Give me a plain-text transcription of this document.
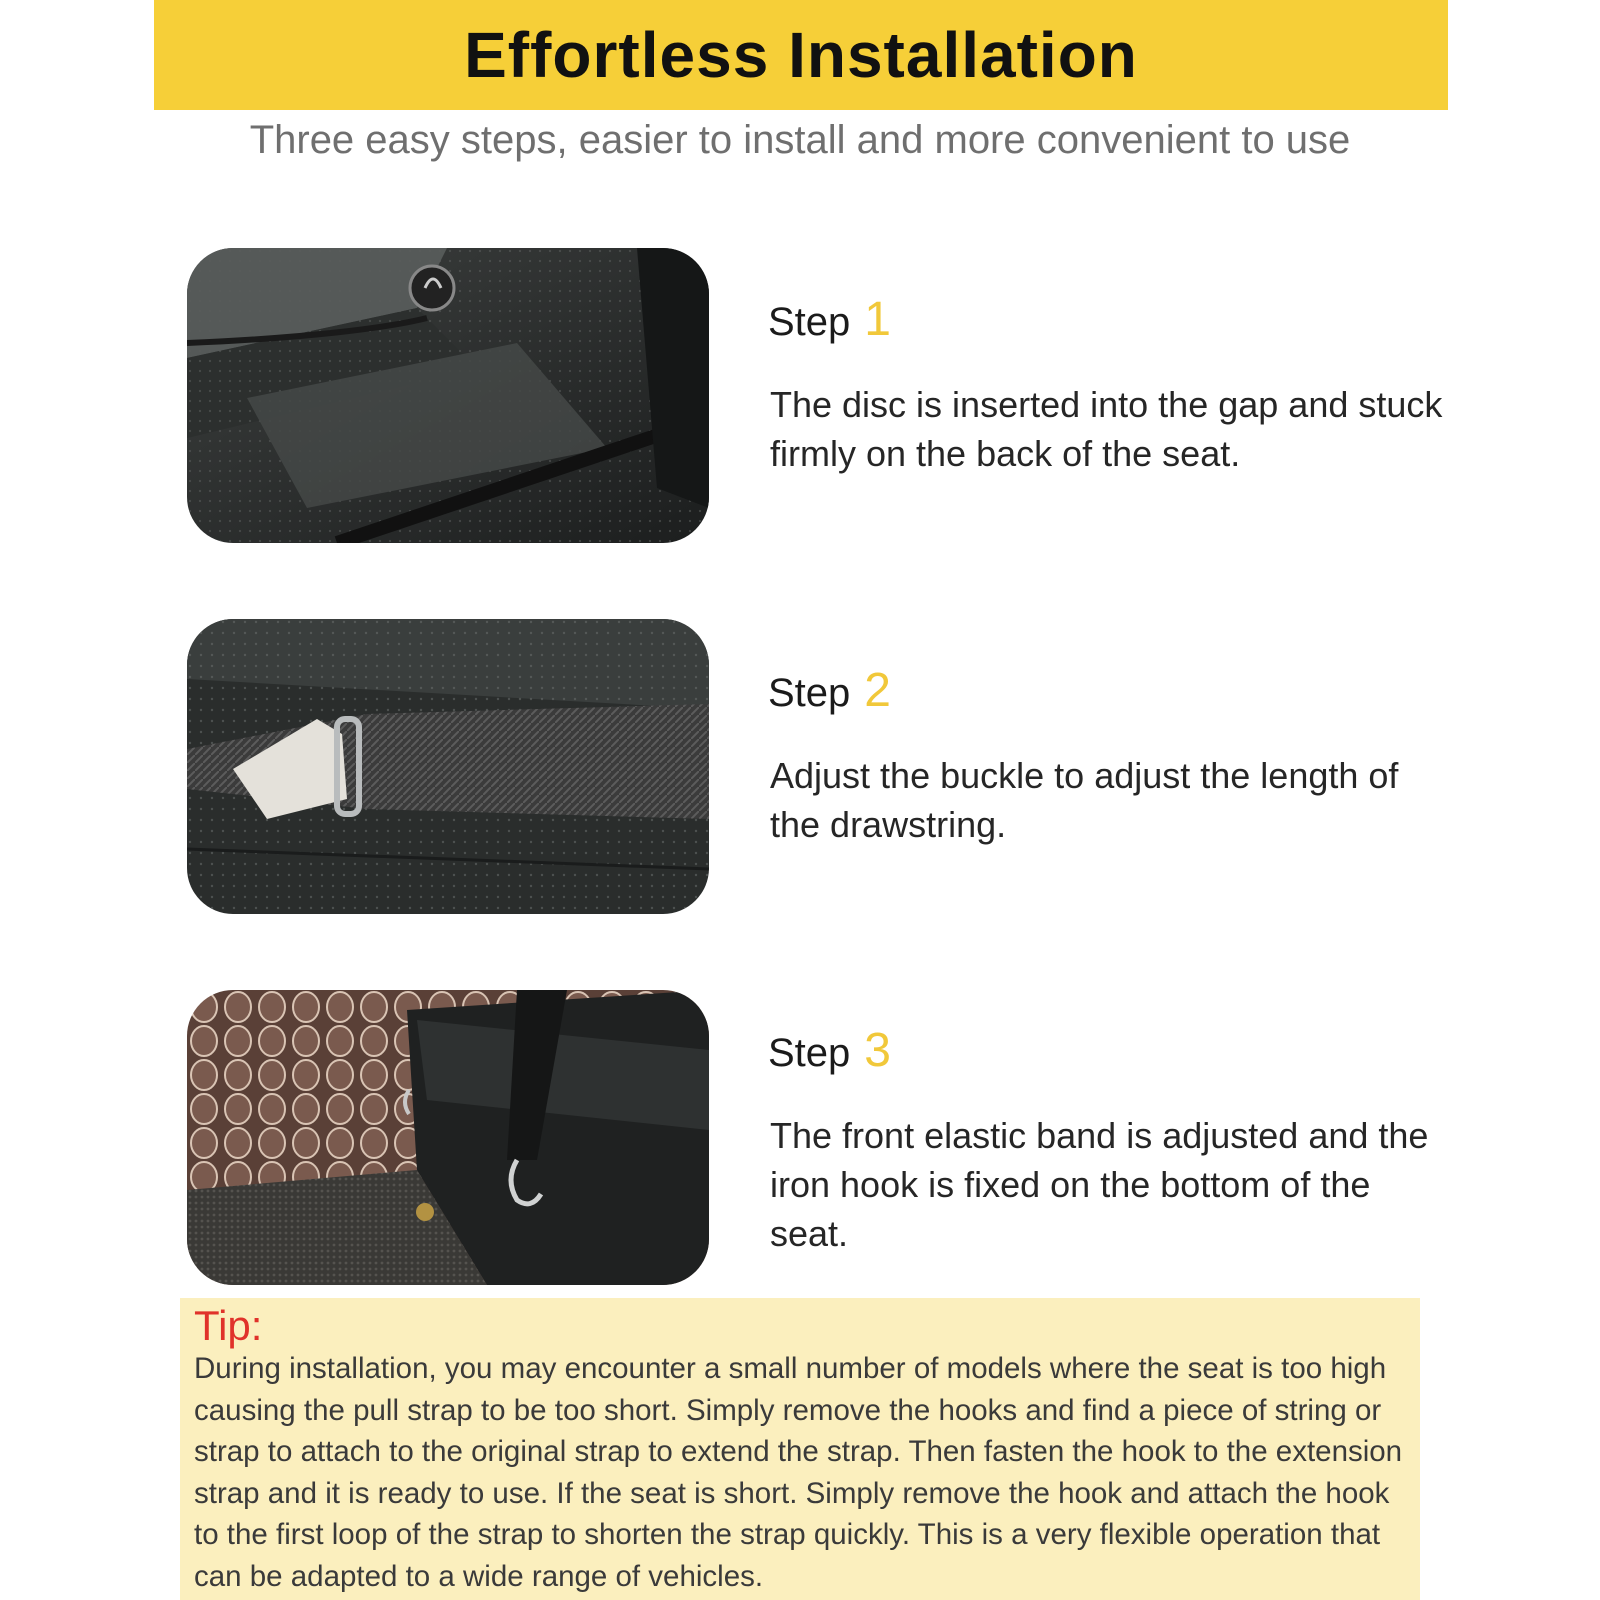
Effortless Installation
Three easy steps, easier to install and more convenient to use
Step 1
The disc is inserted into the gap and stuck firmly on the back of the seat.
Step 2
Adjust the buckle to adjust the length of the drawstring.
Step 3
The front elastic band is adjusted and the iron hook is fixed on the bottom of the seat.
Tip:
During installation, you may encounter a small number of models where the seat is too high causing the pull strap to be too short. Simply remove the hooks and find a piece of string or strap to attach to the original strap to extend the strap. Then fasten the hook to the extension strap and it is ready to use. If the seat is short. Simply remove the hook and attach the hook to the first loop of the strap to shorten the strap quickly. This is a very flexible operation that can be adapted to a wide range of vehicles.
